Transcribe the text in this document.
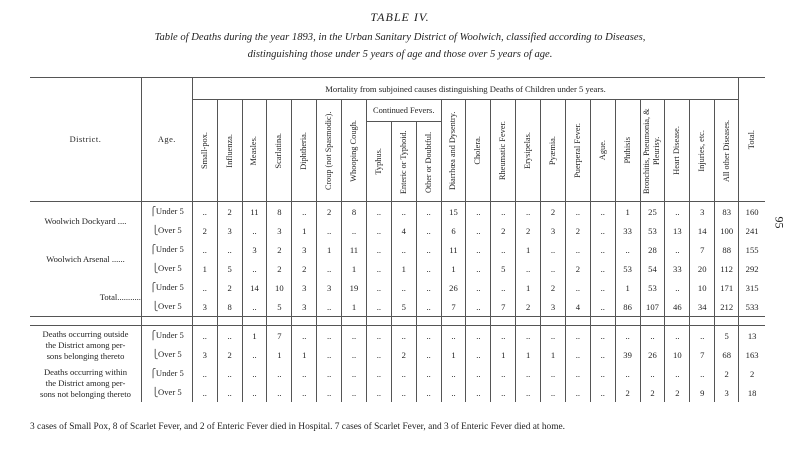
TABLE IV.
Table of Deaths during the year 1893, in the Urban Sanitary District of Woolwich, classified according to Diseases,
distinguishing those under 5 years of age and those over 5 years of age.
95
District.	Age.	Mortality from subjoined causes distinguishing Deaths of Children under 5 years.																						Total.

		Small-pox.	Influenza.	Measles.	Scarlatina.	Diphtheria.	Croup (not Spasmodic).	Whooping Cough.	Continued Fevers.			Diarrhœa and Dysentry.	Cholera.	Rheumatic Fever.	Erysipelas.	Pyæmia.	Puerperal Fever.	Ague.	Phthisis	Bronchitis, Pneumonia, & Pleurisy.	Heart Disease.	Injuries, etc.	All other Diseases.	

									Typhus.	Enteric or Typhoid.	Other or Doubtful.													

Woolwich Dockyard ....	⎧Under 5	..	2	11	8	..	2	8	..	..	..	15	..	..	..	2	..	..	1	25	..	3	83	160
	⎩Over 5	2	3	..	3	1	..	..	..	4	..	6	..	2	2	3	2	..	33	53	13	14	100	241
Woolwich Arsenal ......	⎧Under 5	..	..	3	2	3	1	11	..	..	..	11	..	..	1	..	..	..	..	28	..	7	88	155
	⎩Over 5	1	5	..	2	2	..	1	..	1	..	1	..	5	..	..	2	..	53	54	33	20	112	292
Total...........	⎧Under 5	..	2	14	10	3	3	19	..	..	..	26	..	..	1	2	..	..	1	53	..	10	171	315
	⎩Over 5	3	8	..	5	3	..	1	..	5	..	7	..	7	2	3	4	..	86	107	46	34	212	533

Deaths occurring outside
the District among per-
sons belonging thereto	⎧Under 5	..	..	1	7	..	..	..	..	..	..	..	..	..	..	..	..	..	..	..	..	..	5	13
	⎩Over 5	3	2	..	1	1	..	..	..	2	..	1	..	1	1	1	..	..	39	26	10	7	68	163

Deaths occurring within
the District among per-
sons not belonging thereto	⎧Under 5	..	..	..	..	..	..	..	..	..	..	..	..	..	..	..	..	..	..	..	..	..	2	2
	⎩Over 5	..	..	..	..	..	..	..	..	..	..	..	..	..	..	..	..	..	2	2	2	9	3	18
3 cases of Small Pox, 8 of Scarlet Fever, and 2 of Enteric Fever died in Hospital. 7 cases of Scarlet Fever, and 3 of Enteric Fever died at home.
